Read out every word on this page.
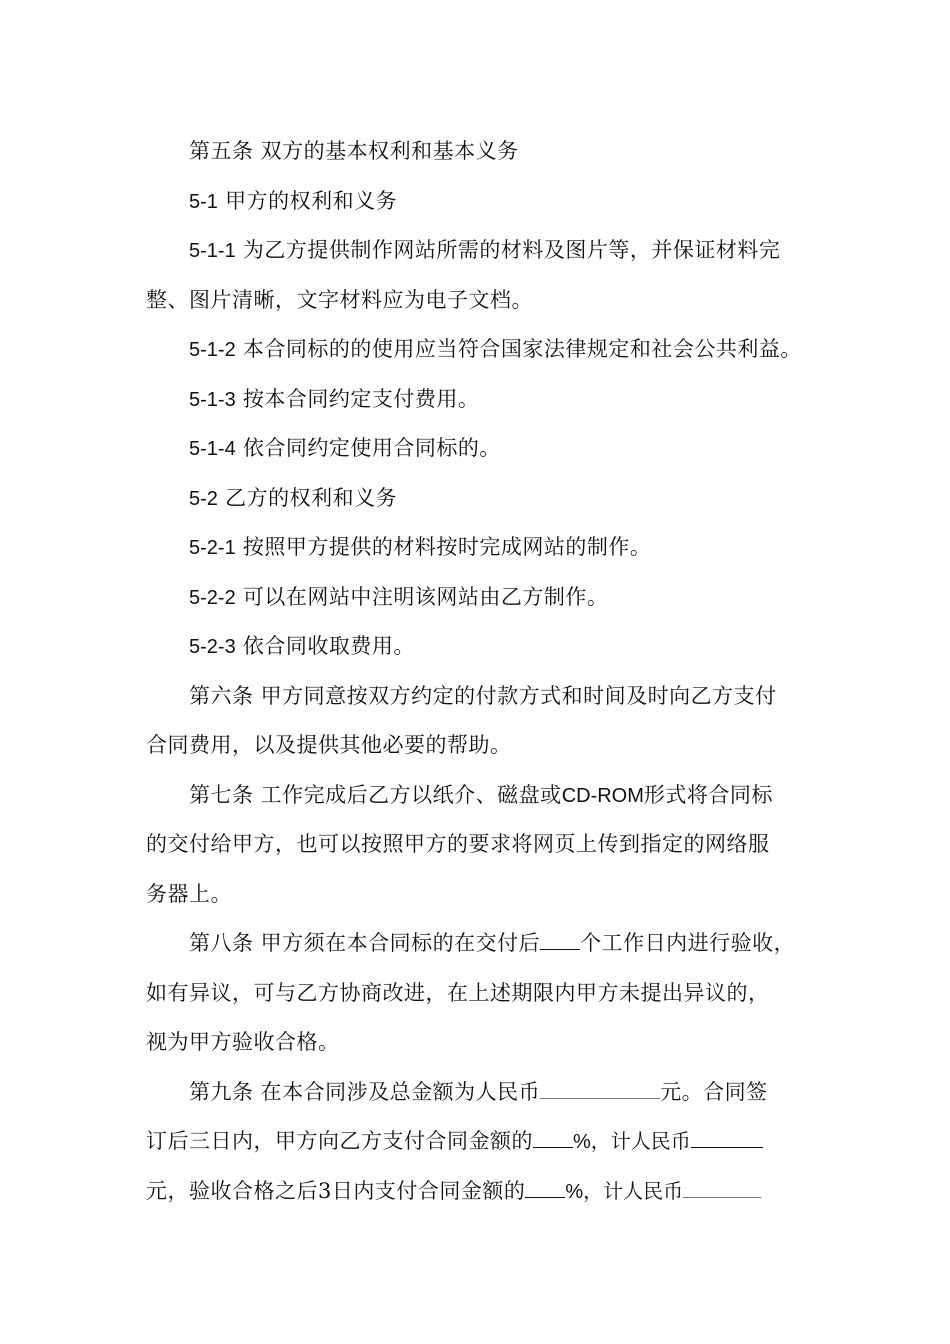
第五条 双方的基本权利和基本义务
5-1 甲方的权利和义务
5-1-1 为乙方提供制作网站所需的材料及图片等，并保证材料完
整、图片清晰，文字材料应为电子文档。
5-1-2 本合同标的的使用应当符合国家法律规定和社会公共利益。
5-1-3 按本合同约定支付费用。
5-1-4 依合同约定使用合同标的。
5-2 乙方的权利和义务
5-2-1 按照甲方提供的材料按时完成网站的制作。
5-2-2 可以在网站中注明该网站由乙方制作。
5-2-3 依合同收取费用。
第六条 甲方同意按双方约定的付款方式和时间及时向乙方支付
合同费用，以及提供其他必要的帮助。
第七条 工作完成后乙方以纸介、磁盘或CD-ROM形式将合同标
的交付给甲方，也可以按照甲方的要求将网页上传到指定的网络服
务器上。
第八条 甲方须在本合同标的在交付后 个工作日内进行验收，
如有异议，可与乙方协商改进，在上述期限内甲方未提出异议的，
视为甲方验收合格。
第九条 在本合同涉及总金额为人民币	元。合同签
订后三日内，甲方向乙方支付合同金额的 %，计人民币
元，验收合格之后3日内支付合同金额的 %，计人民币
